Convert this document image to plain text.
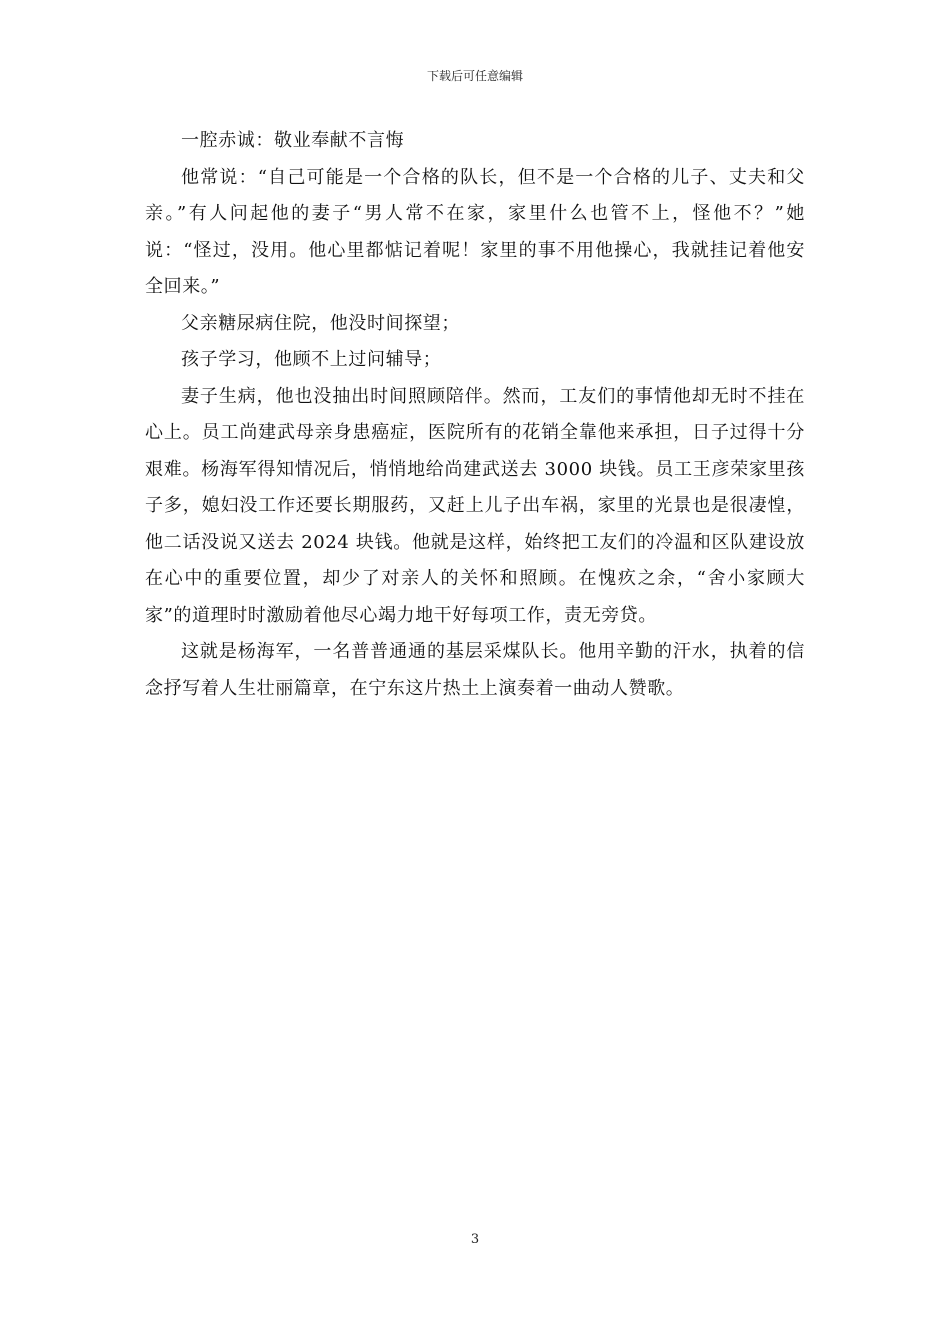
下载后可任意编辑

一腔赤诚：敬业奉献不言悔

他常说：“自己可能是一个合格的队长，但不是一个合格的儿子、丈夫和父亲。”有人问起他的妻子“男人常不在家，家里什么也管不上，怪他不？”她说：“怪过，没用。他心里都惦记着呢！家里的事不用他操心，我就挂记着他安全回来。”

父亲糖尿病住院，他没时间探望；

孩子学习，他顾不上过问辅导；

妻子生病，他也没抽出时间照顾陪伴。然而，工友们的事情他却无时不挂在心上。员工尚建武母亲身患癌症，医院所有的花销全靠他来承担，日子过得十分艰难。杨海军得知情况后，悄悄地给尚建武送去 3000 块钱。员工王彦荣家里孩子多，媳妇没工作还要长期服药，又赶上儿子出车祸，家里的光景也是很凄惶，他二话没说又送去 2024 块钱。他就是这样，始终把工友们的冷温和区队建设放在心中的重要位置，却少了对亲人的关怀和照顾。在愧疚之余，“舍小家顾大家”的道理时时激励着他尽心竭力地干好每项工作，责无旁贷。

这就是杨海军，一名普普通通的基层采煤队长。他用辛勤的汗水，执着的信念抒写着人生壮丽篇章，在宁东这片热土上演奏着一曲动人赞歌。

3
